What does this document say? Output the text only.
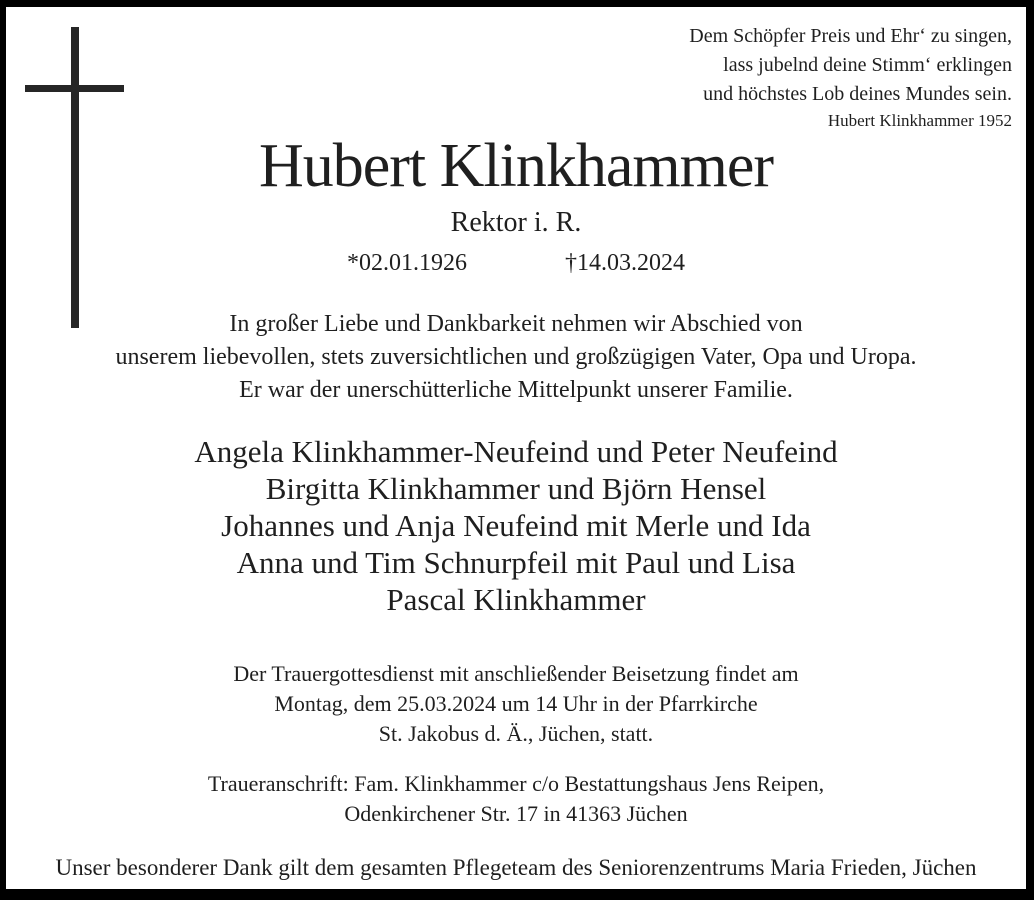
Dem Schöpfer Preis und Ehr‘ zu singen,
lass jubelnd deine Stimm‘ erklingen
und höchstes Lob deines Mundes sein.
Hubert Klinkhammer 1952
Hubert Klinkhammer
Rektor i. R.
*02.01.1926	†14.03.2024
In großer Liebe und Dankbarkeit nehmen wir Abschied von
unserem liebevollen, stets zuversichtlichen und großzügigen Vater, Opa und Uropa.
Er war der unerschütterliche Mittelpunkt unserer Familie.
Angela Klinkhammer-Neufeind und Peter Neufeind
Birgitta Klinkhammer und Björn Hensel
Johannes und Anja Neufeind mit Merle und Ida
Anna und Tim Schnurpfeil mit Paul und Lisa
Pascal Klinkhammer
Der Trauergottesdienst mit anschließender Beisetzung findet am
Montag, dem 25.03.2024 um 14 Uhr in der Pfarrkirche
St. Jakobus d. Ä., Jüchen, statt.
Traueranschrift: Fam. Klinkhammer c/o Bestattungshaus Jens Reipen,
Odenkirchener Str. 17 in 41363 Jüchen
Unser besonderer Dank gilt dem gesamten Pflegeteam des Seniorenzentrums Maria Frieden, Jüchen
